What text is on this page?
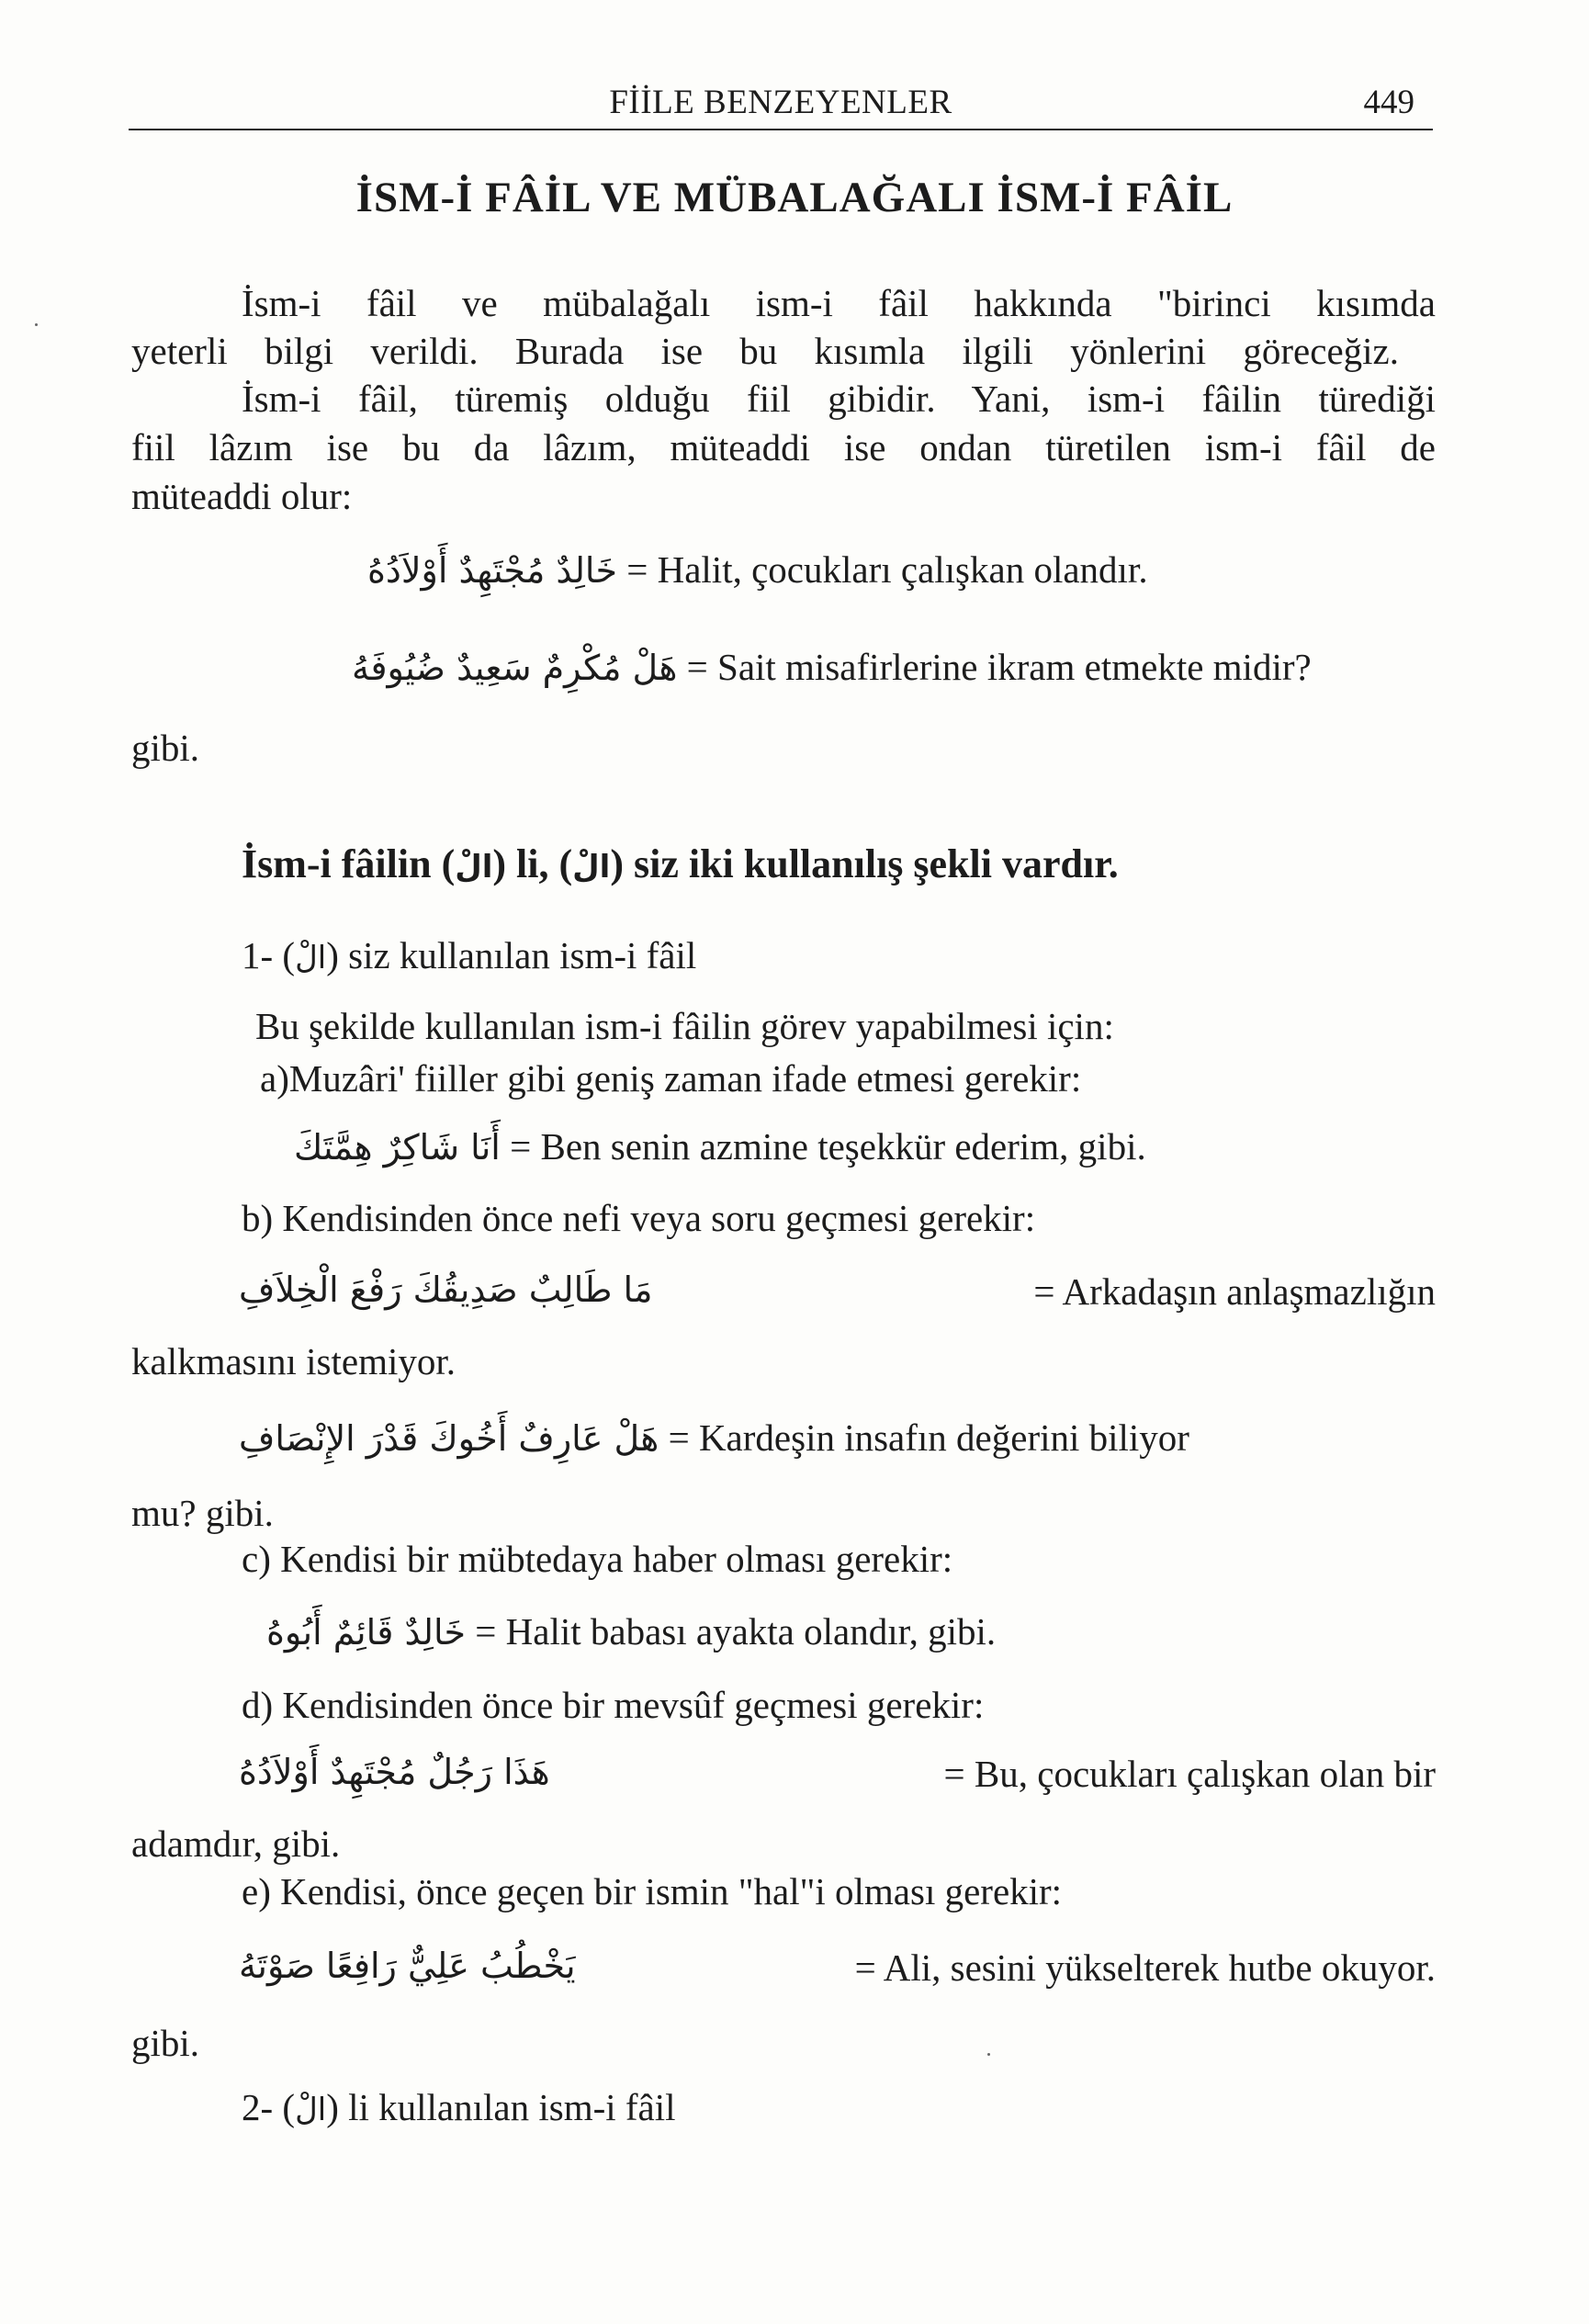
FİİLE BENZEYENLER	449
İSM-İ FÂİL VE MÜBALAĞALI İSM-İ FÂİL
İsm-i fâil ve mübalağalı ism-i fâil hakkında "birinci kısımda
yeterli bilgi verildi. Burada ise bu kısımla ilgili yönlerini göreceğiz.
İsm-i fâil, türemiş olduğu fiil gibidir. Yani, ism-i fâilin türediği
fiil lâzım ise bu da lâzım, müteaddi ise ondan türetilen ism-i fâil de
müteaddi olur:
خَالِدٌ مُجْتَهِدٌ أَوْلاَدُهُ = Halit, çocukları çalışkan olandır.
هَلْ مُكْرِمٌ سَعِيدٌ ضُيُوفَهُ = Sait misafirlerine ikram etmekte midir?
gibi.
İsm-i fâilin (الْ) li, (الْ) siz iki kullanılış şekli vardır.
1- (الْ) siz kullanılan ism-i fâil
Bu şekilde kullanılan ism-i fâilin görev yapabilmesi için:
a)Muzâri' fiiller gibi geniş zaman ifade etmesi gerekir:
أَنَا شَاكِرٌ هِمَّتَكَ = Ben senin azmine teşekkür ederim, gibi.
b) Kendisinden önce nefi veya soru geçmesi gerekir:
مَا طَالِبٌ صَدِيقُكَ رَفْعَ الْخِلاَفِ	= Arkadaşın anlaşmazlığın
kalkmasını istemiyor.
هَلْ عَارِفٌ أَخُوكَ قَدْرَ الإِنْصَافِ = Kardeşin insafın değerini biliyor
mu? gibi.
c) Kendisi bir mübtedaya haber olması gerekir:
خَالِدٌ قَائِمٌ أَبُوهُ = Halit babası ayakta olandır, gibi.
d) Kendisinden önce bir mevsûf geçmesi gerekir:
هَذَا رَجُلٌ مُجْتَهِدٌ أَوْلاَدُهُ	= Bu, çocukları çalışkan olan bir
adamdır, gibi.
e) Kendisi, önce geçen bir ismin "hal"i olması gerekir:
يَخْطُبُ عَلِيٌّ رَافِعًا صَوْتَهُ	= Ali, sesini yükselterek hutbe okuyor.
gibi.
2- (الْ) li kullanılan ism-i fâil
